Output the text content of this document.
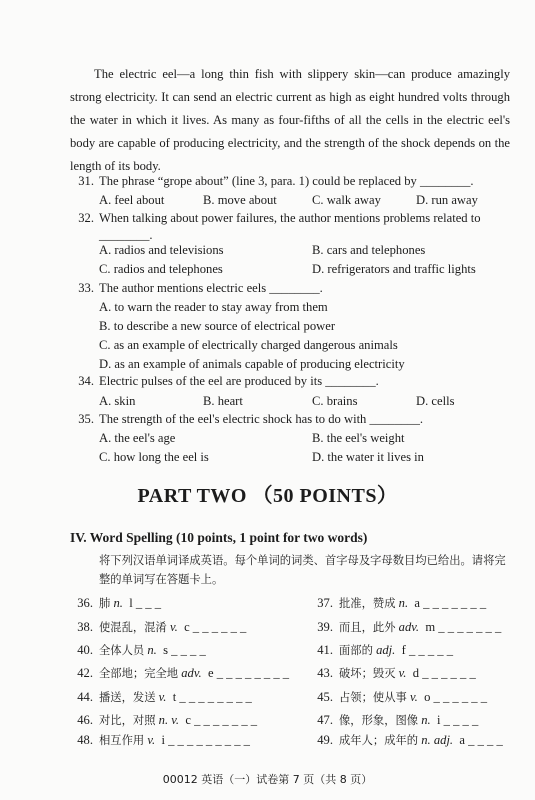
The electric eel—a long thin fish with slippery skin—can produce amazingly strong electricity. It can send an electric current as high as eight hundred volts through the water in which it lives. As many as four-fifths of all the cells in the electric eel's body are capable of producing electricity, and the strength of the shock depends on the length of its body.

31. The phrase “grope about” (line 3, para. 1) could be replaced by ________.
A. feel about	B. move about	C. walk away	D. run away
32. When talking about power failures, the author mentions problems related to
________.
A. radios and televisions	B. cars and telephones
C. radios and telephones	D. refrigerators and traffic lights
33. The author mentions electric eels ________.
A. to warn the reader to stay away from them
B. to describe a new source of electrical power
C. as an example of electrically charged dangerous animals
D. as an example of animals capable of producing electricity
34. Electric pulses of the eel are produced by its ________.
A. skin	B. heart	C. brains	D. cells
35. The strength of the eel's electric shock has to do with ________.
A. the eel's age	B. the eel's weight
C. how long the eel is	D. the water it lives in
PART TWO （50 POINTS）
IV. Word Spelling (10 points, 1 point for two words)
将下列汉语单词译成英语。每个单词的词类、首字母及字母数目均已给出。请将完整的单词写在答题卡上。
36. 肺 n. l _ _ _	37. 批准，赞成 n. a _ _ _ _ _ _ _
38. 使混乱，混淆 v. c _ _ _ _ _ _	39. 而且，此外 adv. m _ _ _ _ _ _ _
40. 全体人员 n. s _ _ _ _	41. 面部的 adj. f _ _ _ _ _
42. 全部地；完全地 adv. e _ _ _ _ _ _ _ _	43. 破坏；毁灭 v. d _ _ _ _ _ _
44. 播送，发送 v. t _ _ _ _ _ _ _ _	45. 占领；使从事 v. o _ _ _ _ _ _
46. 对比，对照 n. v. c _ _ _ _ _ _ _	47. 像，形象，图像 n. i _ _ _ _
48. 相互作用 v. i _ _ _ _ _ _ _ _ _	49. 成年人；成年的 n. adj. a _ _ _ _
00012 英语（一）试卷第 7 页（共 8 页）
